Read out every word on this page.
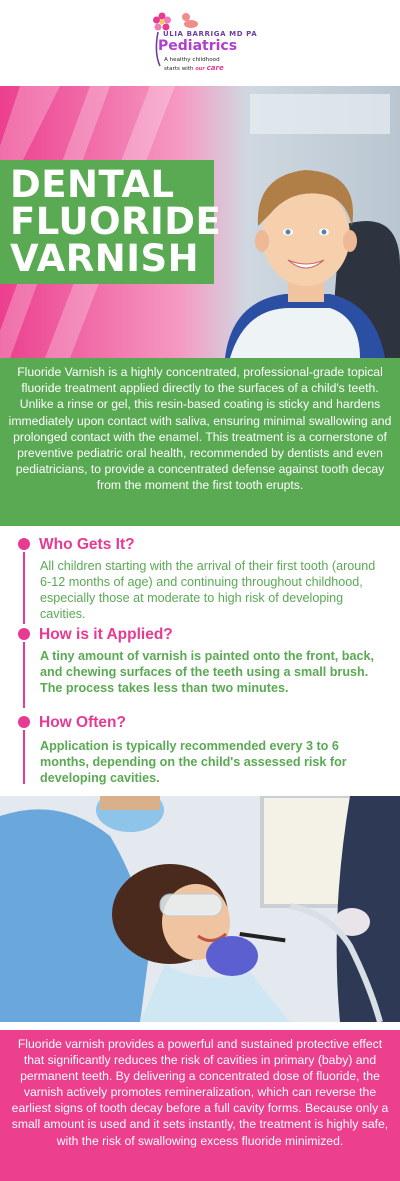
ULIA BARRIGA MD PA
Pediatrics
A healthy childhood
starts with our care
DENTAL
FLUORIDE
VARNISH
Fluoride Varnish is a highly concentrated, professional-grade topical fluoride treatment applied directly to the surfaces of a child's teeth. Unlike a rinse or gel, this resin-based coating is sticky and hardens immediately upon contact with saliva, ensuring minimal swallowing and prolonged contact with the enamel. This treatment is a cornerstone of preventive pediatric oral health, recommended by dentists and even pediatricians, to provide a concentrated defense against tooth decay from the moment the first tooth erupts.
Who Gets It?
All children starting with the arrival of their first tooth (around 6-12 months of age) and continuing throughout childhood, especially those at moderate to high risk of developing cavities.
How is it Applied?
A tiny amount of varnish is painted onto the front, back, and chewing surfaces of the teeth using a small brush. The process takes less than two minutes.
How Often?
Application is typically recommended every 3 to 6 months, depending on the child's assessed risk for developing cavities.
Fluoride varnish provides a powerful and sustained protective effect that significantly reduces the risk of cavities in primary (baby) and permanent teeth. By delivering a concentrated dose of fluoride, the varnish actively promotes remineralization, which can reverse the earliest signs of tooth decay before a full cavity forms. Because only a small amount is used and it sets instantly, the treatment is highly safe, with the risk of swallowing excess fluoride minimized.
